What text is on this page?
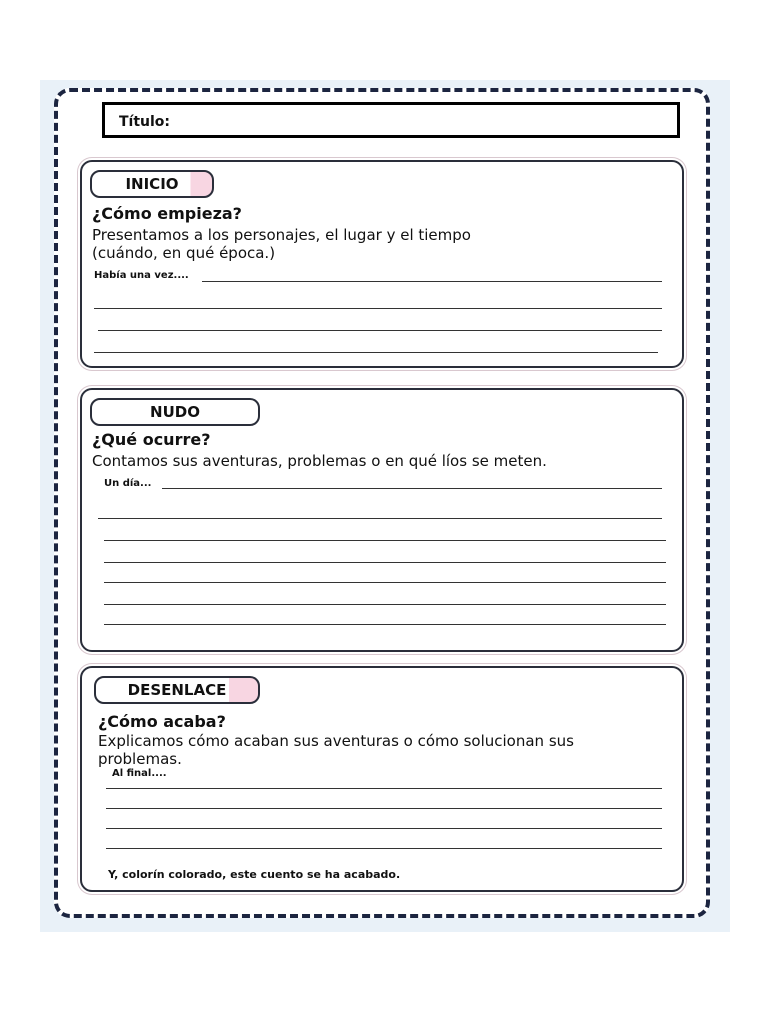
Título:
INICIO
¿Cómo empieza?
Presentamos a los personajes, el lugar y el tiempo (cuándo, en qué época.)
Había una vez....
NUDO
¿Qué ocurre?
Contamos sus aventuras, problemas o en qué líos se meten.
Un día...
DESENLACE
¿Cómo acaba?
Explicamos cómo acaban sus aventuras o cómo solucionan sus problemas.
Al final....
Y, colorín colorado, este cuento se ha acabado.
